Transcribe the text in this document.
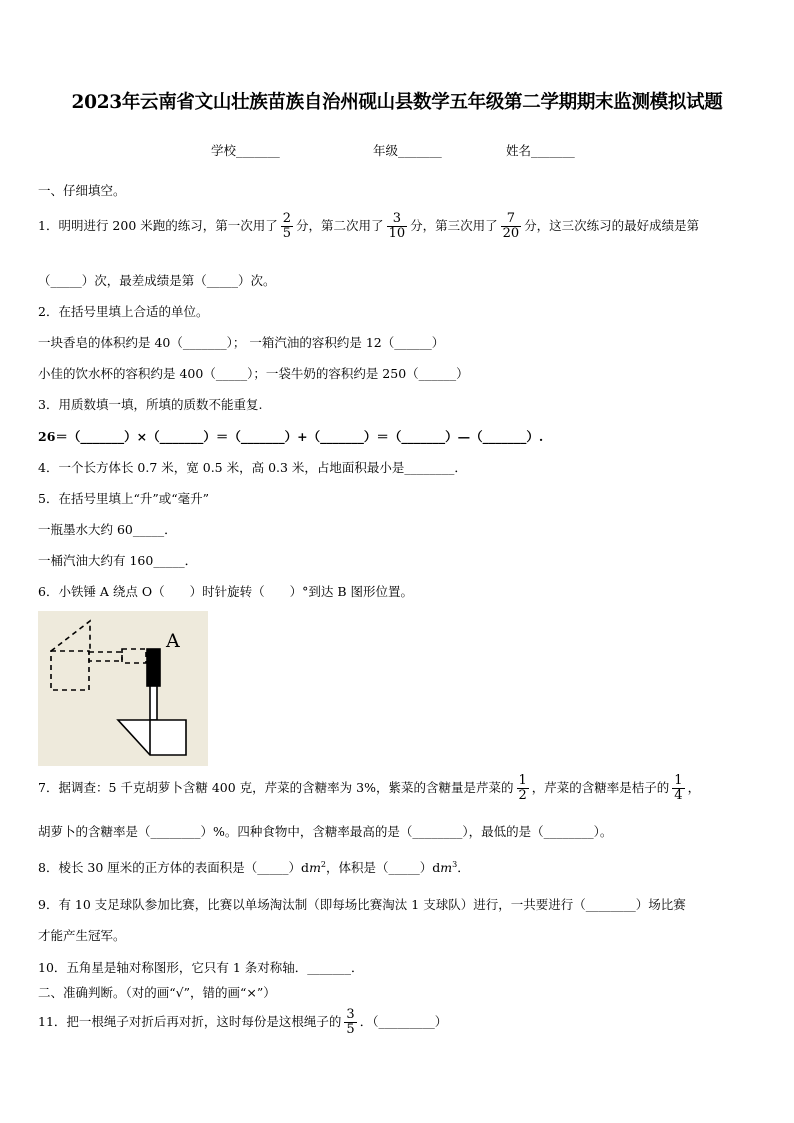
2023年云南省文山壮族苗族自治州砚山县数学五年级第二学期期末监测模拟试题
学校_______	年级_______	姓名_______
一、仔细填空。
1．明明进行 200 米跑的练习，第一次用了 $\frac{2}{5}$ 分，第二次用了 $\frac{3}{10}$ 分，第三次用了 $\frac{7}{20}$ 分，这三次练习的最好成绩是第
（_____）次，最差成绩是第（_____）次。
2．在括号里填上合适的单位。
一块香皂的体积约是 40（_______）； 一箱汽油的容积约是 12（______）
小佳的饮水杯的容积约是 400（_____）；一袋牛奶的容积约是 250（______）
3．用质数填一填，所填的质数不能重复.
26＝（_______）×（_______）＝（_______）+（_______）＝（_______）—（_______）.
4．一个长方体长 0.7 米，宽 0.5 米，高 0.3 米，占地面积最小是________．
5．在括号里填上“升”或“毫升”
一瓶墨水大约 60_____．
一桶汽油大约有 160_____．
6．小铁锤 A 绕点 O（　　）时针旋转（　　）°到达 B 图形位置。
A
7．据调查：5 千克胡萝卜含糖 400 克，芹菜的含糖率为 3%，紫菜的含糖量是芹菜的 $\frac{1}{2}$ ，芹菜的含糖率是桔子的 $\frac{1}{4}$ ，
胡萝卜的含糖率是（________）%。四种食物中，含糖率最高的是（________），最低的是（________）。
8．棱长 30 厘米的正方体的表面积是$(\_\_\_\_\_)dm^2$，体积是$(\_\_\_\_\_)dm^3$．
9．有 10 支足球队参加比赛，比赛以单场淘汰制（即每场比赛淘汰 1 支球队）进行，一共要进行（________）场比赛
才能产生冠军。
10．五角星是轴对称图形，它只有 1 条对称轴．_______．
二、准确判断。（对的画“√”，错的画“×”）
11．把一根绳子对折后再对折，这时每份是这根绳子的 $\frac{3}{5}$ ．（_________）
